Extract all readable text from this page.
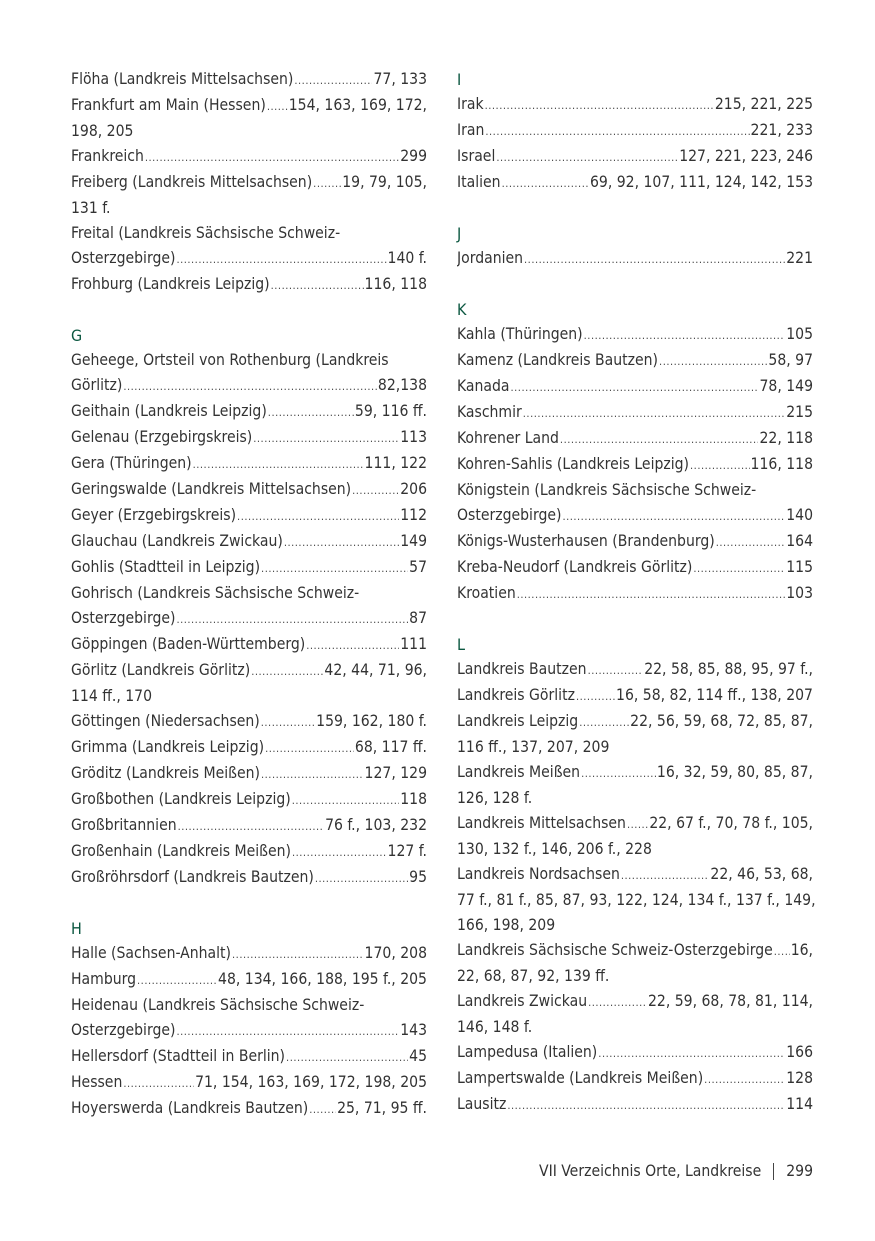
Flöha (Landkreis Mittelsachsen) .....	77, 133
Frankfurt am Main (Hessen) ..... 154, 163, 169, 172,
198, 205
Frankreich .....	299
Freiberg (Landkreis Mittelsachsen) ..... 19, 79, 105,
131 f.
Freital (Landkreis Sächsische Schweiz-
Osterzgebirge) .....	140 f.
Frohburg (Landkreis Leipzig) .....	116, 118
G
Geheege, Ortsteil von Rothenburg (Landkreis
Görlitz) .....	82,138
Geithain (Landkreis Leipzig) .....	59, 116 ff.
Gelenau (Erzgebirgskreis) .....	113
Gera (Thüringen) .....	111, 122
Geringswalde (Landkreis Mittelsachsen) .....	206
Geyer (Erzgebirgskreis) .....	112
Glauchau (Landkreis Zwickau) .....	149
Gohlis (Stadtteil in Leipzig) .....	57
Gohrisch (Landkreis Sächsische Schweiz-
Osterzgebirge) .....	87
Göppingen (Baden-Württemberg) .....	111
Görlitz (Landkreis Görlitz) .....	42, 44, 71, 96,
114 ff., 170
Göttingen (Niedersachsen) .....	159, 162, 180 f.
Grimma (Landkreis Leipzig) .....	68, 117 ff.
Gröditz (Landkreis Meißen) .....	127, 129
Großbothen (Landkreis Leipzig) .....	118
Großbritannien .....	76 f., 103, 232
Großenhain (Landkreis Meißen) .....	127 f.
Großröhrsdorf (Landkreis Bautzen) .....	95
H
Halle (Sachsen-Anhalt) .....	170, 208
Hamburg .....	48, 134, 166, 188, 195 f., 205
Heidenau (Landkreis Sächsische Schweiz-
Osterzgebirge) .....	143
Hellersdorf (Stadtteil in Berlin) .....	45
Hessen .....	71, 154, 163, 169, 172, 198, 205
Hoyerswerda (Landkreis Bautzen) ..... 25, 71, 95 ff.
I
Irak .....	215, 221, 225
Iran .....	221, 233
Israel .....	127, 221, 223, 246
Italien .....	69, 92, 107, 111, 124, 142, 153
J
Jordanien .....	221
K
Kahla (Thüringen) .....	105
Kamenz (Landkreis Bautzen) .....	58, 97
Kanada .....	78, 149
Kaschmir .....	215
Kohrener Land .....	22, 118
Kohren-Sahlis (Landkreis Leipzig) .....	116, 118
Königstein (Landkreis Sächsische Schweiz-
Osterzgebirge) .....	140
Königs-Wusterhausen (Brandenburg) .....	164
Kreba-Neudorf (Landkreis Görlitz) .....	115
Kroatien .....	103
L
Landkreis Bautzen .....	22, 58, 85, 88, 95, 97 f.,
Landkreis Görlitz .....	16, 58, 82, 114 ff., 138, 207
Landkreis Leipzig .....	22, 56, 59, 68, 72, 85, 87,
116 ff., 137, 207, 209
Landkreis Meißen .....	16, 32, 59, 80, 85, 87,
126, 128 f.
Landkreis Mittelsachsen ..... 22, 67 f., 70, 78 f., 105,
130, 132 f., 146, 206 f., 228
Landkreis Nordsachsen .....	22, 46, 53, 68,
77 f., 81 f., 85, 87, 93, 122, 124, 134 f., 137 f., 149,
166, 198, 209
Landkreis Sächsische Schweiz-Osterzgebirge ..... 16,
22, 68, 87, 92, 139 ff.
Landkreis Zwickau .....	22, 59, 68, 78, 81, 114,
146, 148 f.
Lampedusa (Italien) .....	166
Lampertswalde (Landkreis Meißen) .....	128
Lausitz .....	114
VII Verzeichnis Orte, Landkreise 299
